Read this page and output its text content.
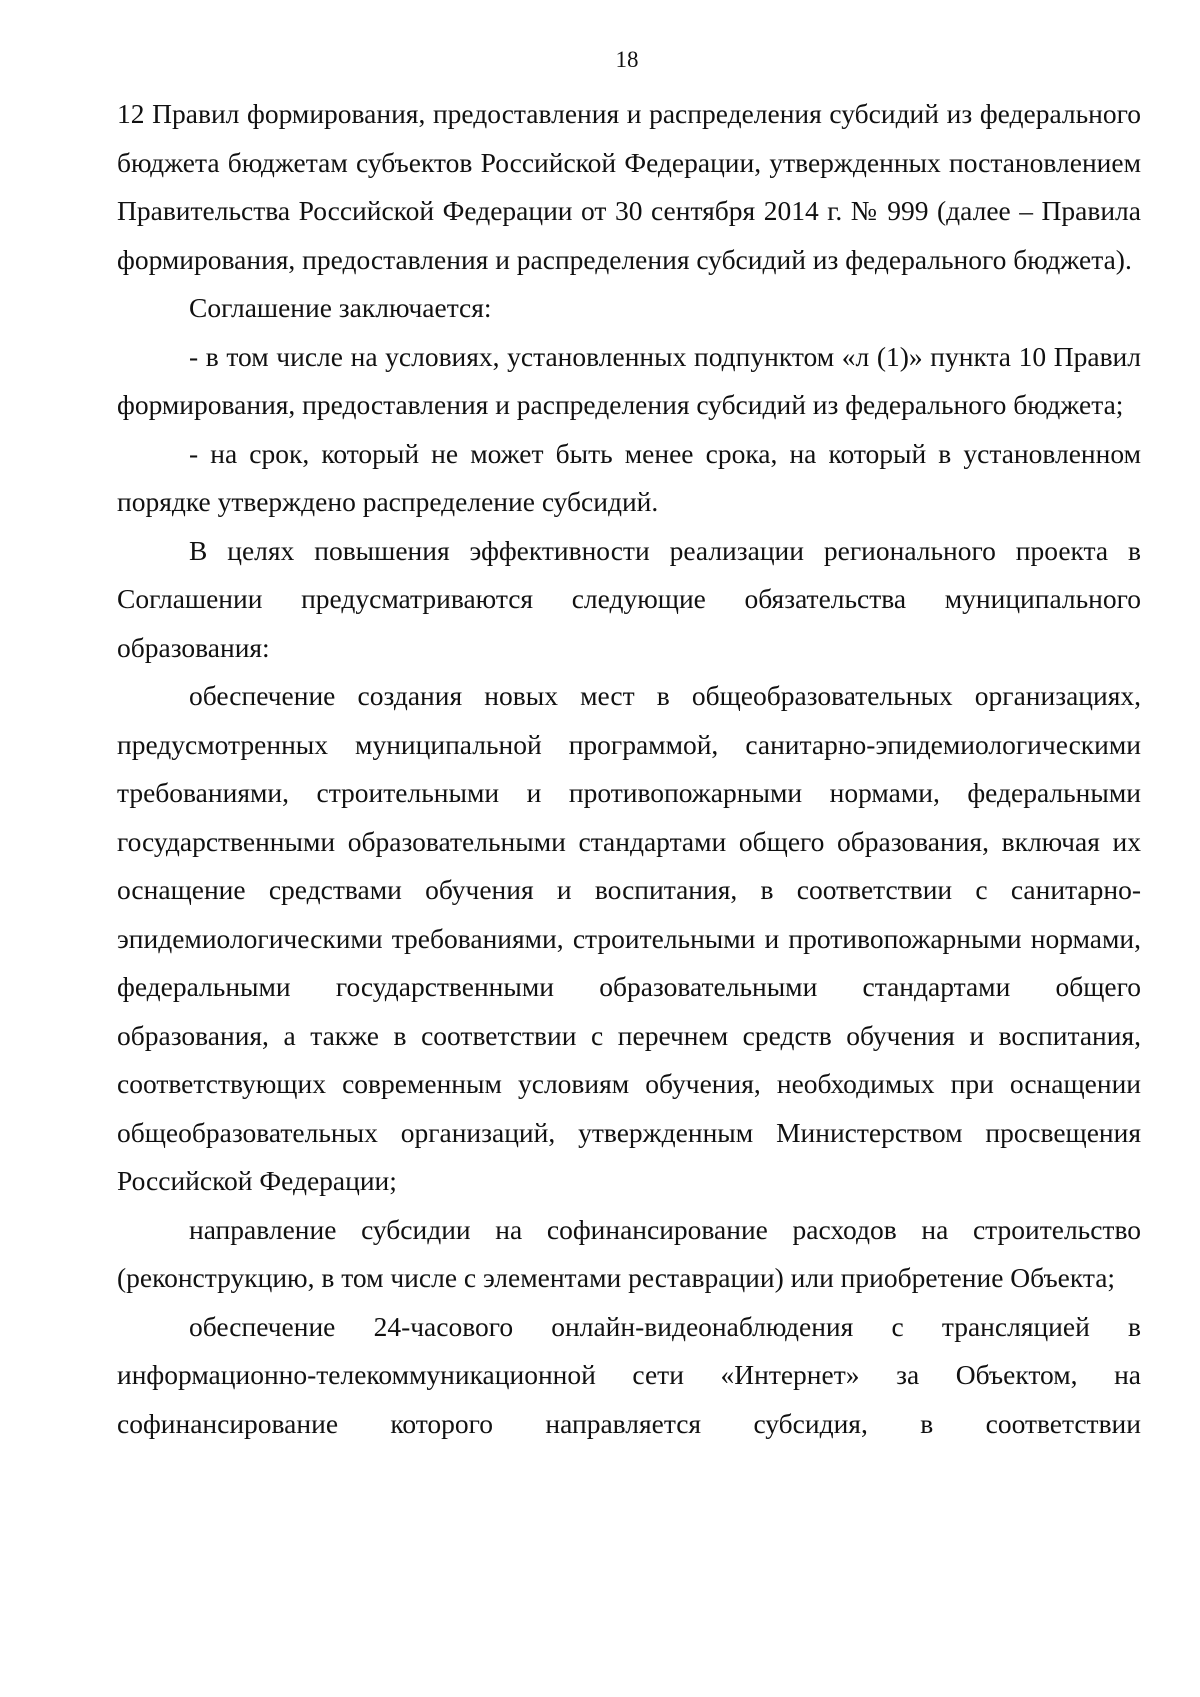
18

12 Правил формирования, предоставления и распределения субсидий из федерального бюджета бюджетам субъектов Российской Федерации, утвержденных постановлением Правительства Российской Федерации от 30 сентября 2014 г. № 999 (далее – Правила формирования, предоставления и распределения субсидий из федерального бюджета).

Соглашение заключается:

- в том числе на условиях, установленных подпунктом «л (1)» пункта 10 Правил формирования, предоставления и распределения субсидий из федерального бюджета;

- на срок, который не может быть менее срока, на который в установленном порядке утверждено распределение субсидий.

В целях повышения эффективности реализации регионального проекта в Соглашении предусматриваются следующие обязательства муниципального образования:

обеспечение создания новых мест в общеобразовательных организациях, предусмотренных муниципальной программой, санитарно-эпидемиологическими требованиями, строительными и противопожарными нормами, федеральными государственными образовательными стандартами общего образования, включая их оснащение средствами обучения и воспитания, в соответствии с санитарно-эпидемиологическими требованиями, строительными и противопожарными нормами, федеральными государственными образовательными стандартами общего образования, а также в соответствии с перечнем средств обучения и воспитания, соответствующих современным условиям обучения, необходимых при оснащении общеобразовательных организаций, утвержденным Министерством просвещения Российской Федерации;

направление субсидии на софинансирование расходов на строительство (реконструкцию, в том числе с элементами реставрации) или приобретение Объекта;

обеспечение 24-часового онлайн-видеонаблюдения с трансляцией в информационно-телекоммуникационной сети «Интернет» за Объектом, на софинансирование которого направляется субсидия, в соответствии
